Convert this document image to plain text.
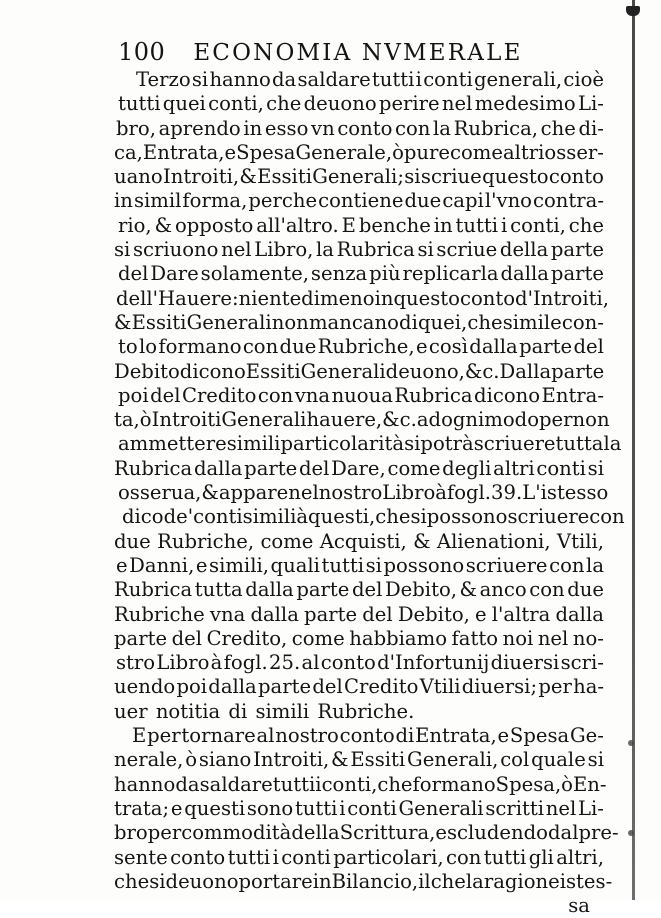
100 ECONOMIA NVMERALE
Terzo si hanno da saldare tutti i conti generali, cioè
tutti quei conti, che deuono perire nel medesimo Li-
bro, aprendo in esso vn conto con la Rubrica, che di-
ca, Entrata, e Spesa Generale, ò pure come altri osser-
uano Introiti, & Essiti Generali; si scriue questo conto
in simil forma, perche contiene due capi l'vno contra-
rio, & opposto all'altro. E benche in tutti i conti, che
si scriuono nel Libro, la Rubrica si scriue della parte
del Dare solamente, senza più replicarla dalla parte
dell'Hauere: nientedimeno in questo conto d'Introiti,
& Essiti Generali non mancano di quei, che simile con-
to lo formano con due Rubriche, e così dalla parte del
Debito dicono Essiti Generali deuono, &c. Dalla parte
poi del Credito con vna nuoua Rubrica dicono Entra-
ta, ò Introiti Generali hauere, &c. ad ogni modo per non
ammettere simili particolarità si potrà scriuere tutta la
Rubrica dalla parte del Dare, come degli altri conti si
osserua, & appare nel nostro Libro à fogl. 39. L'istesso
dico de'conti simili à questi, che si possono scriuere con
due Rubriche, come Acquisti, & Alienationi, Vtili,
e Danni, e simili, quali tutti si possono scriuere con la
Rubrica tutta dalla parte del Debito, & anco con due
Rubriche vna dalla parte del Debito, e l'altra dalla
parte del Credito, come habbiamo fatto noi nel no-
stro Libro à fogl. 25. al conto d'Infortunij diuersi scri-
uendo poi dalla parte del Credito Vtili diuersi; per ha-
uer notitia di simili Rubriche.
E per tornare al nostro conto di Entrata, e Spesa Ge-
nerale, ò siano Introiti, & Essiti Generali, col quale si
hanno da saldare tutti i conti, che formano Spesa, ò En-
trata; e questi sono tutti i conti Generali scritti nel Li-
bro per commodità della Scrittura, escludendo dal pre-
sente conto tutti i conti particolari, con tutti gli altri,
che si deuono portare in Bilancio, il che la ragione istes-
sa
